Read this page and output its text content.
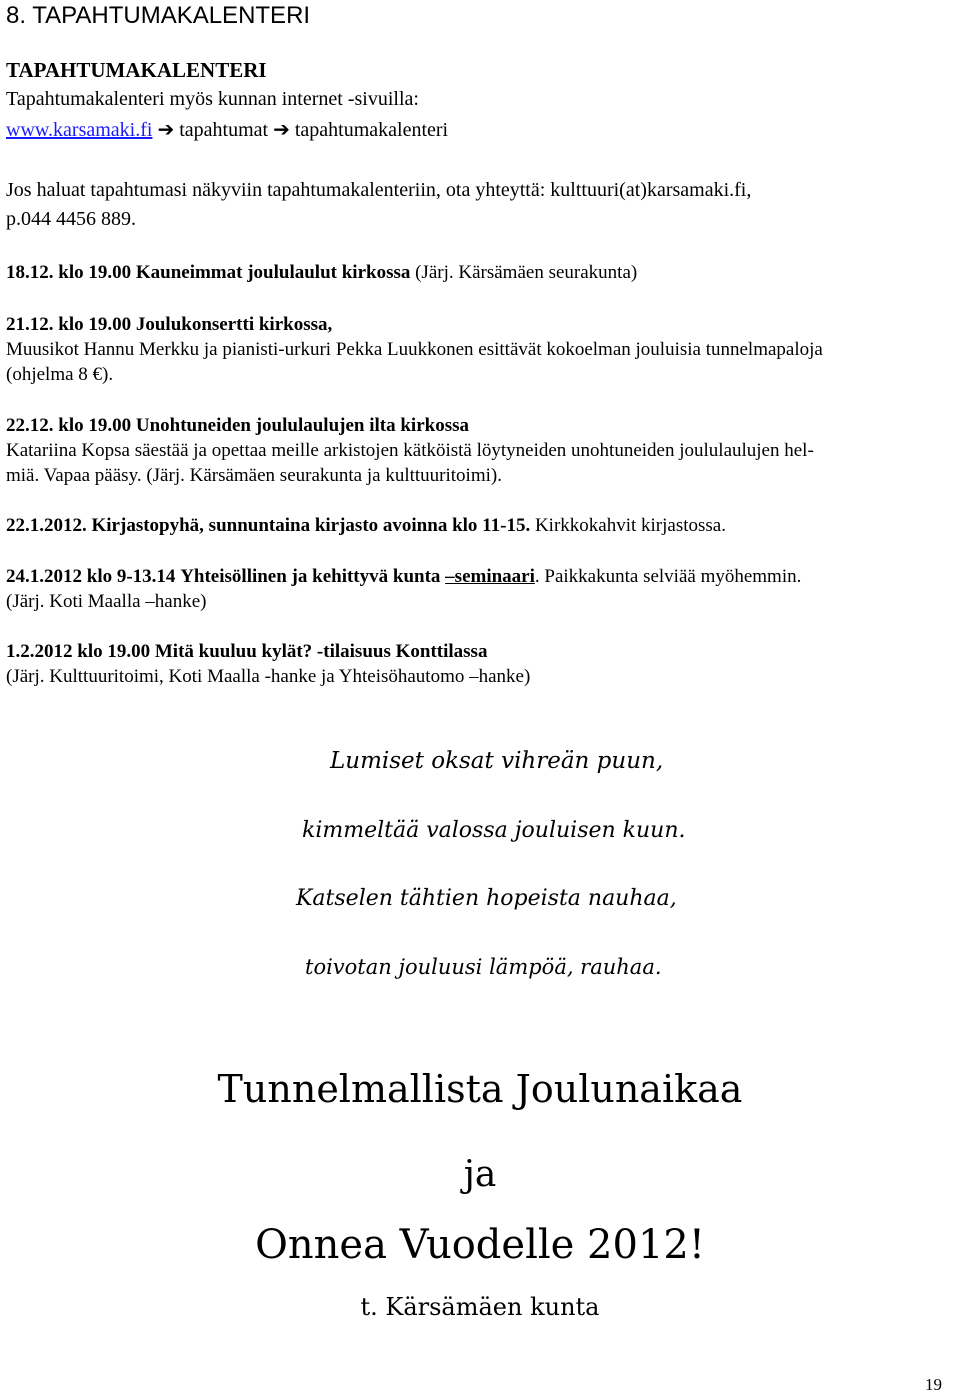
8. TAPAHTUMAKALENTERI
TAPAHTUMAKALENTERI
Tapahtumakalenteri myös kunnan internet -sivuilla:
www.karsamaki.fi ➔ tapahtumat ➔ tapahtumakalenteri
Jos haluat tapahtumasi näkyviin tapahtumakalenteriin, ota yhteyttä: kulttuuri(at)karsamaki.fi,
p.044 4456 889.
18.12. klo 19.00 Kauneimmat joululaulut kirkossa (Järj. Kärsämäen seurakunta)
21.12. klo 19.00 Joulukonsertti kirkossa,
Muusikot Hannu Merkku ja pianisti-urkuri Pekka Luukkonen esittävät kokoelman jouluisia tunnelmapaloja
(ohjelma 8 €).
22.12. klo 19.00 Unohtuneiden joululaulujen ilta kirkossa
Katariina Kopsa säestää ja opettaa meille arkistojen kätköistä löytyneiden unohtuneiden joululaulujen hel-
miä. Vapaa pääsy. (Järj. Kärsämäen seurakunta ja kulttuuritoimi).
22.1.2012. Kirjastopyhä, sunnuntaina kirjasto avoinna klo 11-15. Kirkkokahvit kirjastossa.
24.1.2012 klo 9-13.14 Yhteisöllinen ja kehittyvä kunta –seminaari. Paikkakunta selviää myöhemmin.
(Järj. Koti Maalla –hanke)
1.2.2012 klo 19.00 Mitä kuuluu kylät? -tilaisuus Konttilassa
(Järj. Kulttuuritoimi, Koti Maalla -hanke ja Yhteisöhautomo –hanke)
Lumiset oksat vihreän puun,
kimmeltää valossa jouluisen kuun.
Katselen tähtien hopeista nauhaa,
toivotan jouluusi lämpöä, rauhaa.
Tunnelmallista Joulunaikaa
ja
Onnea Vuodelle 2012!
t. Kärsämäen kunta
19
